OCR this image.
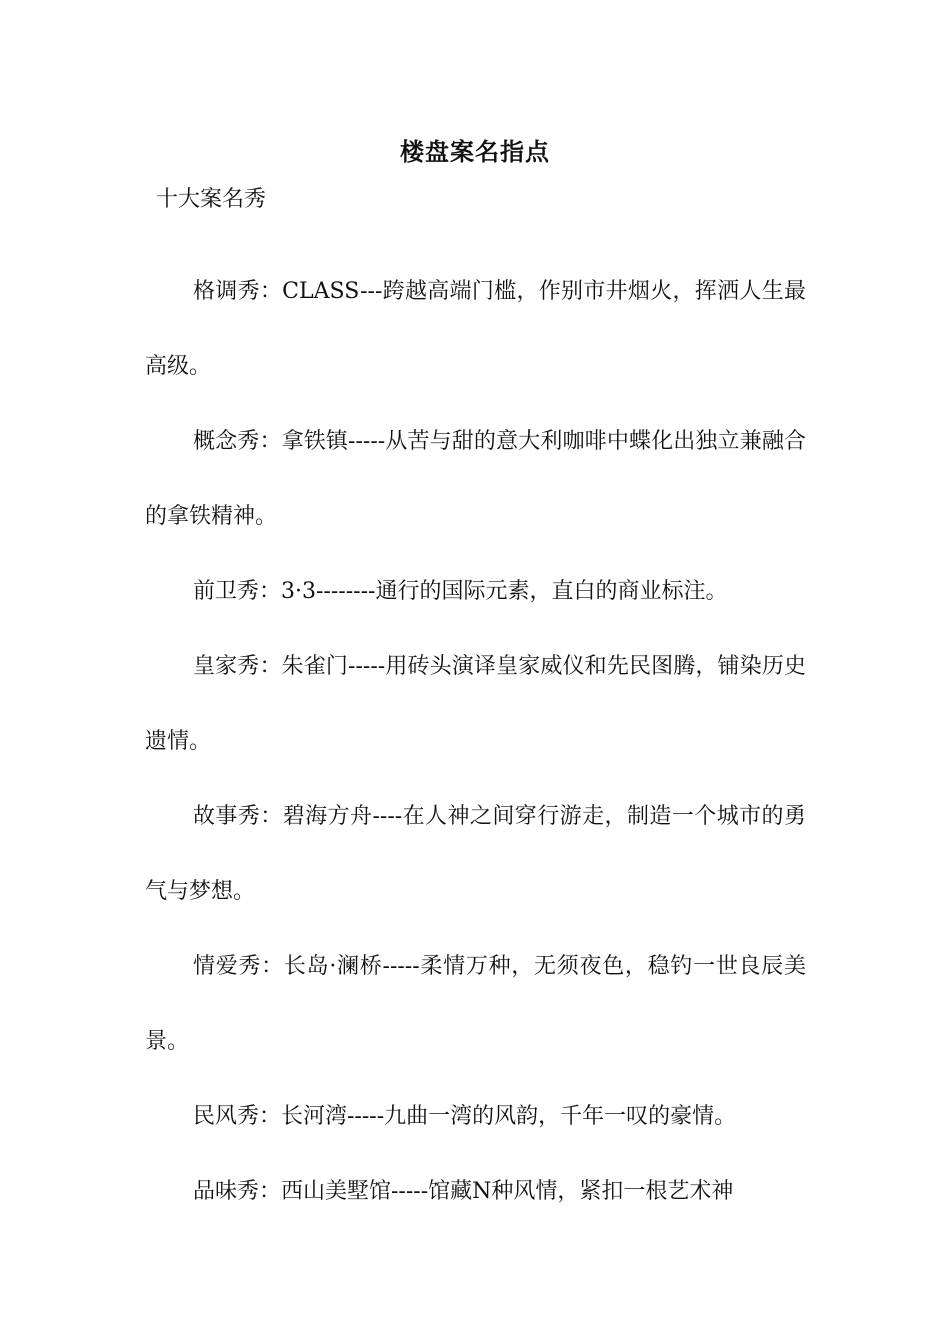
楼盘案名指点
十大案名秀

格调秀：CLASS---跨越高端门槛，作别市井烟火，挥洒人生最高级。

概念秀：拿铁镇-----从苦与甜的意大利咖啡中蝶化出独立兼融合的拿铁精神。

前卫秀：3·3--------通行的国际元素，直白的商业标注。

皇家秀：朱雀门-----用砖头演译皇家威仪和先民图腾，铺染历史遗情。

故事秀：碧海方舟----在人神之间穿行游走，制造一个城市的勇气与梦想。

情爱秀：长岛·澜桥-----柔情万种，无须夜色，稳钓一世良辰美景。

民风秀：长河湾-----九曲一湾的风韵，千年一叹的豪情。

品味秀：西山美墅馆-----馆藏N种风情，紧扣一根艺术神
